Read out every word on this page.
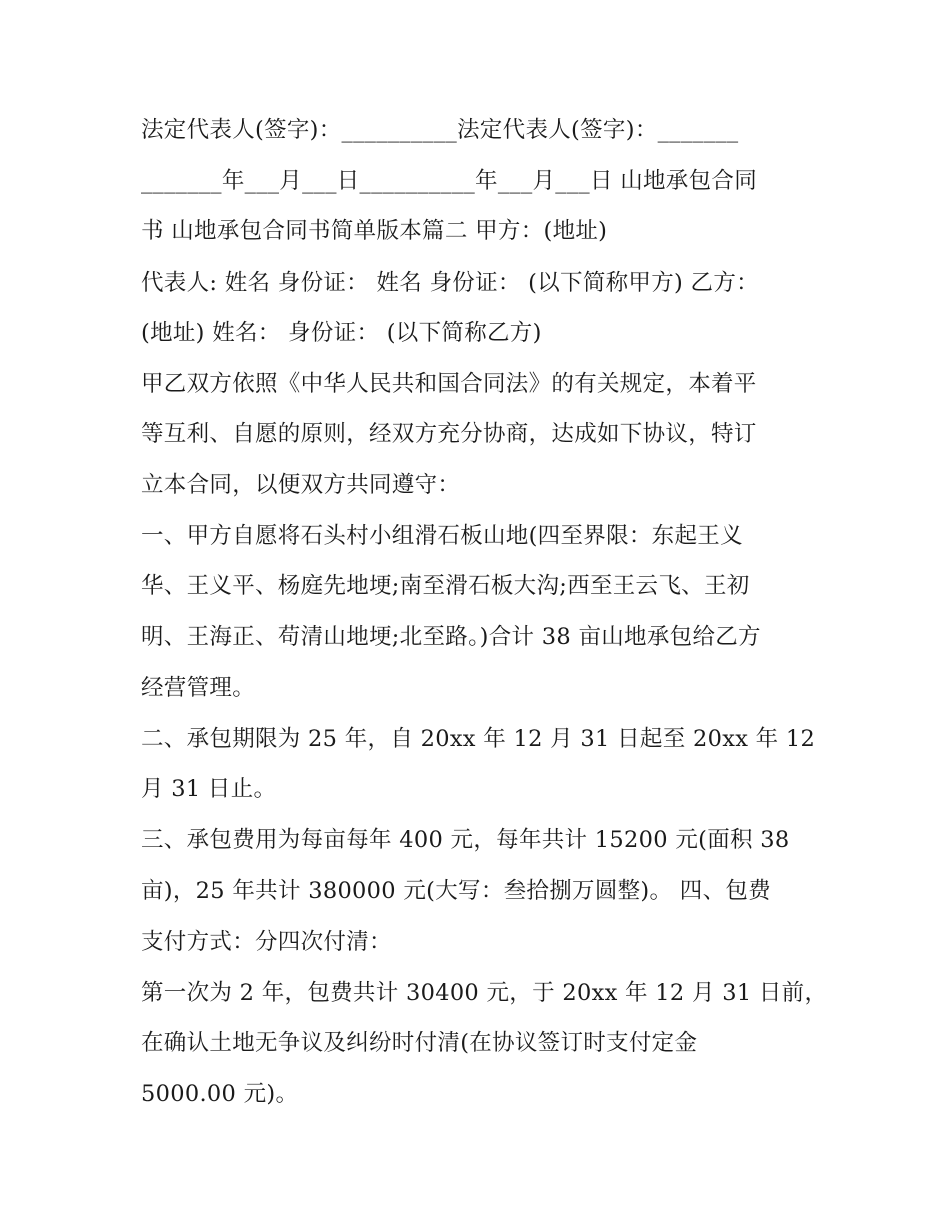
法定代表人(签字)：__________法定代表人(签字)：_______
_______年___月___日__________年___月___日 山地承包合同
书 山地承包合同书简单版本篇二 甲方：(地址)
代表人: 姓名 身份证： 姓名 身份证： (以下简称甲方) 乙方：
(地址) 姓名： 身份证： (以下简称乙方)
甲乙双方依照《中华人民共和国合同法》的有关规定，本着平
等互利、自愿的原则，经双方充分协商，达成如下协议，特订
立本合同，以便双方共同遵守：
一、甲方自愿将石头村小组滑石板山地(四至界限：东起王义
华、王义平、杨庭先地埂;南至滑石板大沟;西至王云飞、王初
明、王海正、苟清山地埂;北至路。)合计 38 亩山地承包给乙方
经营管理。
二、承包期限为 25 年，自 20xx 年 12 月 31 日起至 20xx 年 12
月 31 日止。
三、承包费用为每亩每年 400 元，每年共计 15200 元(面积 38
亩)，25 年共计 380000 元(大写：叁拾捌万圆整)。 四、包费
支付方式：分四次付清：
第一次为 2 年，包费共计 30400 元，于 20xx 年 12 月 31 日前，
在确认土地无争议及纠纷时付清(在协议签订时支付定金
5000.00 元)。
